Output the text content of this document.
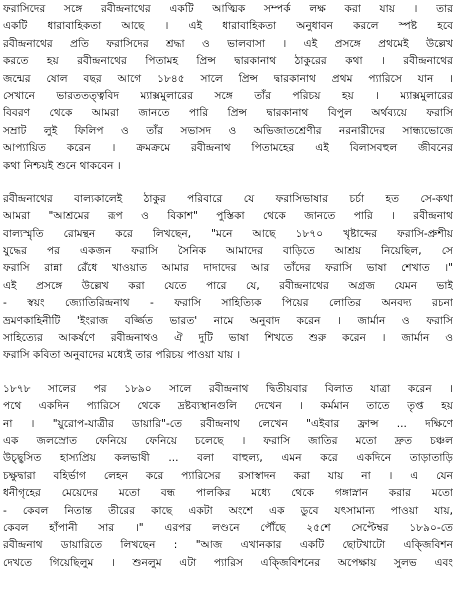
ফরাসিদের সঙ্গে রবীন্দ্রনাথের একটি আত্মিক সম্পর্ক লক্ষ করা যায় । তার
একটি ধারাবাহিকতা আছে । এই ধারাবাহিকতা অনুধাবন করলে স্পষ্ট হবে
রবীন্দ্রনাথের প্রতি ফরাসিদের শ্রদ্ধা ও ভালবাসা । এই প্রসঙ্গে প্রথমেই উল্লেখ
করতে হয় রবীন্দ্রনাথের পিতামহ প্রিন্স দ্বারকানাথ ঠাকুরের কথা । রবীন্দ্রনাথের
জন্মের ষোল বছর আগে ১৮৪৫ সালে প্রিন্স দ্বারকানাথ প্রথম প্যারিসে যান ।
সেখানে ভারততত্ত্ববিদ ম্যাক্সমুলারের সঙ্গে তাঁর পরিচয় হয় । ম্যাক্সমুলারের
বিবরণ থেকে আমরা জানতে পারি প্রিন্স দ্বারকানাথ বিপুল অর্থব্যয়ে ফরাসি
সম্রাট লুই ফিলিপ ও তাঁর সভাসদ ও অভিজাতশ্রেণীর নরনারীদের সান্ধ্যভোজে
আপ্যায়িত করেন । ক্রমক্রমে রবীন্দ্রনাথ পিতামহের এই বিলাসবহুল জীবনের
কথা নিশ্চয়ই শুনে থাকবেন ।
রবীন্দ্রনাথের বাল্যকালেই ঠাকুর পরিবারে যে ফরাসিভাষার চর্চা হত সে-কথা
আমরা "আশ্রমের রূপ ও বিকাশ" পুস্তিকা থেকে জানতে পারি । রবীন্দ্রনাথ
বাল্যস্মৃতি রোমন্থন করে লিখছেন, "মনে আছে ১৮৭০ খৃষ্টাব্দের ফরাসি-প্রুশীয়
যুদ্ধের পর একজন ফরাসি সৈনিক আমাদের বাড়িতে আশ্রয় নিয়েছিল, সে
ফরাসি রান্না রেঁধে খাওয়াত আমার দাদাদের আর তাঁদের ফরাসি ভাষা শেখাত ।"
এই প্রসঙ্গে উল্লেখ করা যেতে পারে যে, রবীন্দ্রনাথের অগ্রজ যেমন ভাই
- স্বয়ং জ্যোতিরিন্দ্রনাথ - ফরাসি সাহিত্যিক পিয়ের লোতির অনবদ্য রচনা
ভ্রমণকাহিনীটি 'ইংরাজ বর্জ্জিত ভারত' নামে অনুবাদ করেন । জার্মান ও ফরাসি
সাহিত্যের আকর্ষণে রবীন্দ্রনাথও ঐ দুটি ভাষা শিখতে শুরু করেন । জার্মান ও
ফরাসি কবিতা অনুবাদের মধ্যেই তার পরিচয় পাওয়া যায় ।
১৮৭৮ সালের পর ১৮৯০ সালে রবীন্দ্রনাথ দ্বিতীয়বার বিলাত যাত্রা করেন ।
পথে একদিন প্যারিসে থেকে দ্রষ্টব্যস্থানগুলি দেখেন । কর্মমান তাতে তৃপ্ত হয়
না । "য়ুরোপ-যাত্রীর ডায়ারি"-তে রবীন্দ্রনাথ লেখেন "এইবার ফ্রান্স ... দক্ষিণে
এক জলস্রোত ফেনিয়ে ফেনিয়ে চলেছে । ফরাসি জাতির মতো দ্রুত চঞ্চল
উচ্ছ্বসিত হাস্যপ্রিয় কলভাষী ... বলা বাহুল্য, এমন করে একদিনে তাড়াতাড়ি
চক্ষুদ্বারা বহির্ভাগ লেহন করে প্যারিসের রসাস্বাদন করা যায় না । এ যেন
ধনীগৃহের মেয়েদের মতো বন্ধ পালকির মধ্যে থেকে গঙ্গাস্নান করার মতো
- কেবল নিতান্ত তীরের কাছে একটা অংশে এক ডুবে যৎসামান্য পাওয়া যায়,
কেবল হাঁপানী সার ।" এরপর লণ্ডনে পৌঁছে ২৫শে সেপ্টেম্বর ১৮৯০-তে
রবীন্দ্রনাথ ডায়ারিতে লিখছেন : "আজ এখানকার একটি ছোটখাটো এক্জিবিশন
দেখতে গিয়েছিলুম । শুনলুম এটা প্যারিস এক্জিবিশনের অপেক্ষায় সুলভ এবং
